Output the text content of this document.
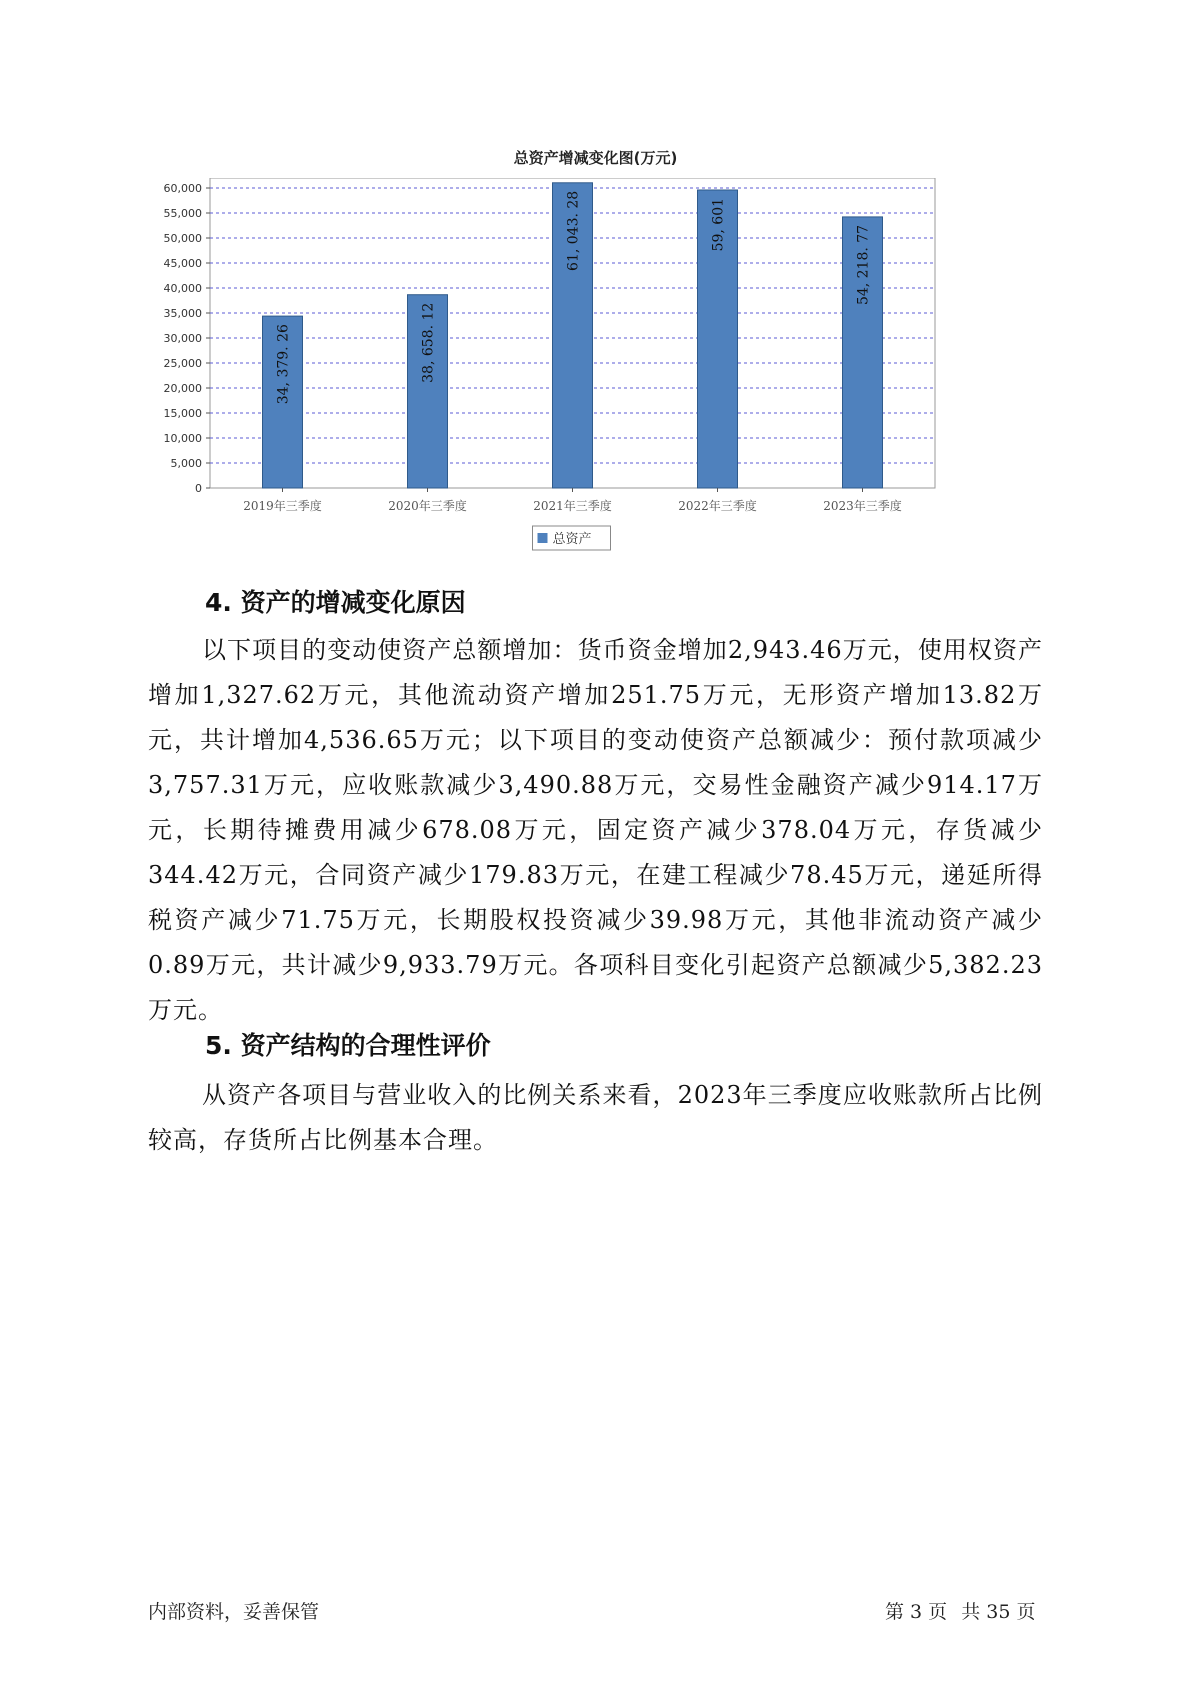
总资产增减变化图(万元)
0
5,000
10,000
15,000
20,000
25,000
30,000
35,000
40,000
45,000
50,000
55,000
60,000
34, 379. 26
2019年三季度
38, 658. 12
2020年三季度
61, 043. 28
2021年三季度
59, 601
2022年三季度
54, 218. 77
2023年三季度
总资产
4. 资产的增减变化原因

以下项目的变动使资产总额增加：货币资金增加2,943.46万元，使用权资产增加1,327.62万元，其他流动资产增加251.75万元，无形资产增加13.82万元，共计增加4,536.65万元；以下项目的变动使资产总额减少：预付款项减少3,757.31万元，应收账款减少3,490.88万元，交易性金融资产减少914.17万元，长期待摊费用减少678.08万元，固定资产减少378.04万元，存货减少344.42万元，合同资产减少179.83万元，在建工程减少78.45万元，递延所得税资产减少71.75万元，长期股权投资减少39.98万元，其他非流动资产减少0.89万元，共计减少9,933.79万元。各项科目变化引起资产总额减少5,382.23万元。

5. 资产结构的合理性评价

从资产各项目与营业收入的比例关系来看，2023年三季度应收账款所占比例较高，存货所占比例基本合理。

内部资料，妥善保管	第 3 页 共 35 页
